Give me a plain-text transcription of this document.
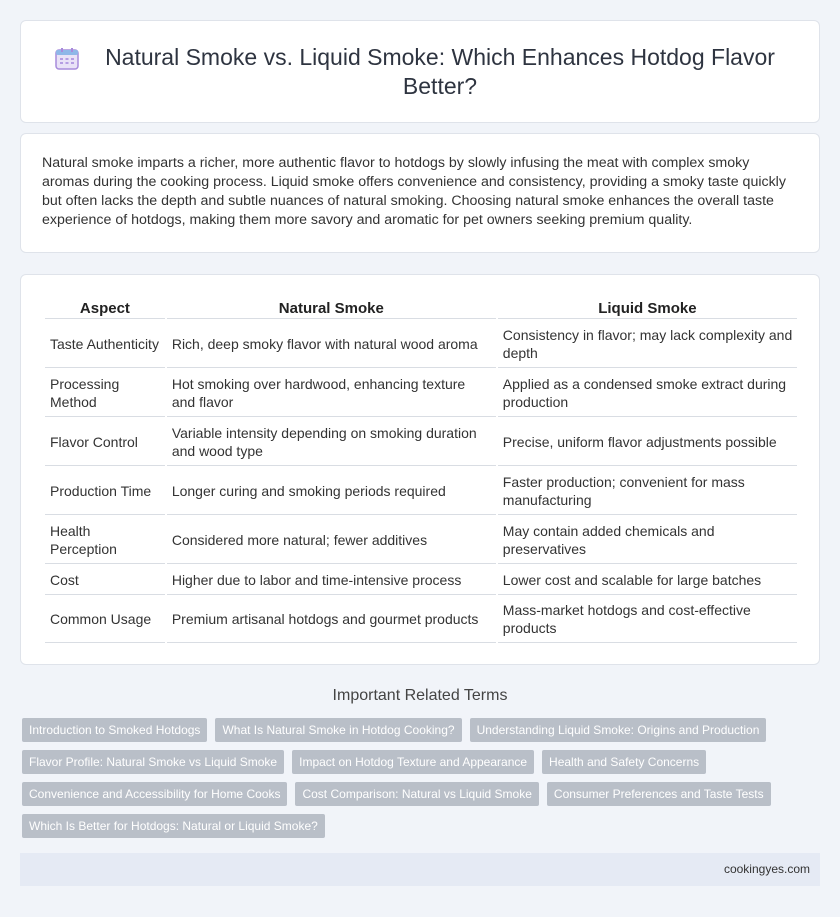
Natural Smoke vs. Liquid Smoke: Which Enhances Hotdog Flavor Better?

Natural smoke imparts a richer, more authentic flavor to hotdogs by slowly infusing the meat with complex smoky aromas during the cooking process. Liquid smoke offers convenience and consistency, providing a smoky taste quickly but often lacks the depth and subtle nuances of natural smoking. Choosing natural smoke enhances the overall taste experience of hotdogs, making them more savory and aromatic for pet owners seeking premium quality.

Aspect	Natural Smoke	Liquid Smoke
Taste Authenticity	Rich, deep smoky flavor with natural wood aroma	Consistency in flavor; may lack complexity and depth
Processing Method	Hot smoking over hardwood, enhancing texture and flavor	Applied as a condensed smoke extract during production
Flavor Control	Variable intensity depending on smoking duration and wood type	Precise, uniform flavor adjustments possible
Production Time	Longer curing and smoking periods required	Faster production; convenient for mass manufacturing
Health Perception	Considered more natural; fewer additives	May contain added chemicals and preservatives
Cost	Higher due to labor and time-intensive process	Lower cost and scalable for large batches
Common Usage	Premium artisanal hotdogs and gourmet products	Mass-market hotdogs and cost-effective products
Important Related Terms
Introduction to Smoked Hotdogs	What Is Natural Smoke in Hotdog Cooking?	Understanding Liquid Smoke: Origins and Production
Flavor Profile: Natural Smoke vs Liquid Smoke	Impact on Hotdog Texture and Appearance	Health and Safety Concerns
Convenience and Accessibility for Home Cooks	Cost Comparison: Natural vs Liquid Smoke	Consumer Preferences and Taste Tests
Which Is Better for Hotdogs: Natural or Liquid Smoke?
cookingyes.com
